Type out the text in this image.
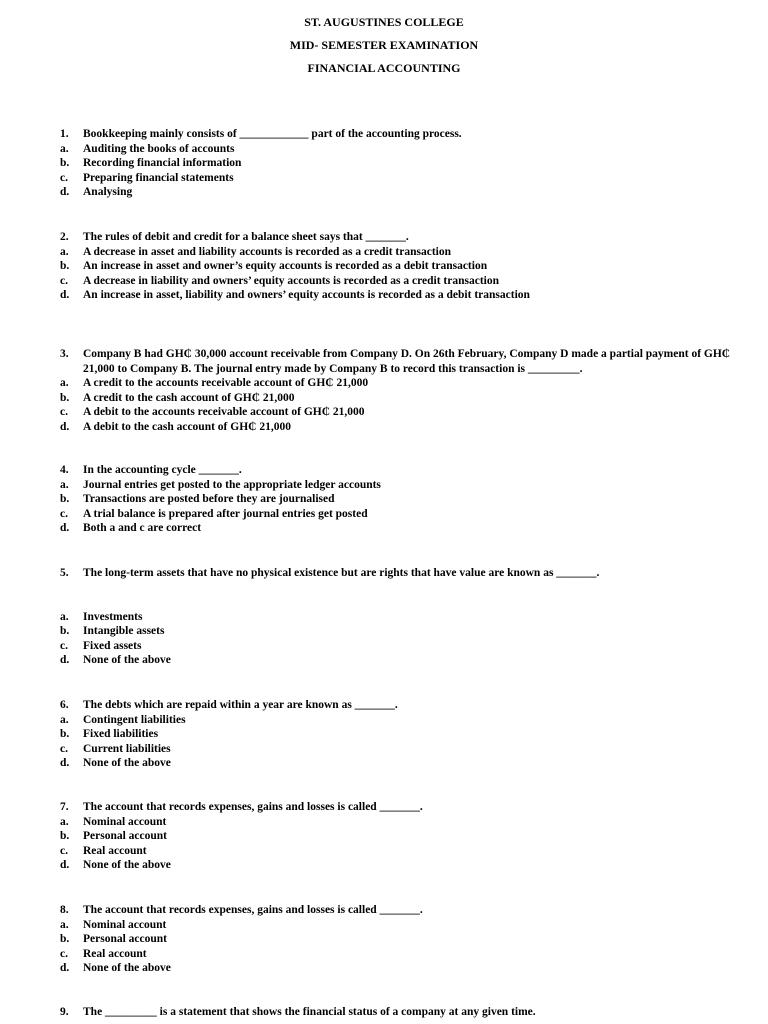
ST. AUGUSTINES COLLEGE
MID- SEMESTER EXAMINATION
FINANCIAL ACCOUNTING
1.	Bookkeeping mainly consists of ____________ part of the accounting process.
a.	Auditing the books of accounts
b.	Recording financial information
c.	Preparing financial statements
d.	Analysing
2.	The rules of debit and credit for a balance sheet says that _______.
a.	A decrease in asset and liability accounts is recorded as a credit transaction
b.	An increase in asset and owner’s equity accounts is recorded as a debit transaction
c.	A decrease in liability and owners’ equity accounts is recorded as a credit transaction
d.	An increase in asset, liability and owners’ equity accounts is recorded as a debit transaction
3.	Company B had GH₵ 30,000 account receivable from Company D. On 26th February, Company D made a partial payment of GH₵ 21,000 to Company B. The journal entry made by Company B to record this transaction is _________.
a.	A credit to the accounts receivable account of GH₵ 21,000
b.	A credit to the cash account of GH₵ 21,000
c.	A debit to the accounts receivable account of GH₵ 21,000
d.	A debit to the cash account of GH₵ 21,000
4.	In the accounting cycle _______.
a.	Journal entries get posted to the appropriate ledger accounts
b.	Transactions are posted before they are journalised
c.	A trial balance is prepared after journal entries get posted
d.	Both a and c are correct
5.	The long-term assets that have no physical existence but are rights that have value are known as _______.
a.	Investments
b.	Intangible assets
c.	Fixed assets
d.	None of the above
6.	The debts which are repaid within a year are known as _______.
a.	Contingent liabilities
b.	Fixed liabilities
c.	Current liabilities
d.	None of the above
7.	The account that records expenses, gains and losses is called _______.
a.	Nominal account
b.	Personal account
c.	Real account
d.	None of the above
8.	The account that records expenses, gains and losses is called _______.
a.	Nominal account
b.	Personal account
c.	Real account
d.	None of the above
9.	The _________ is a statement that shows the financial status of a company at any given time.
